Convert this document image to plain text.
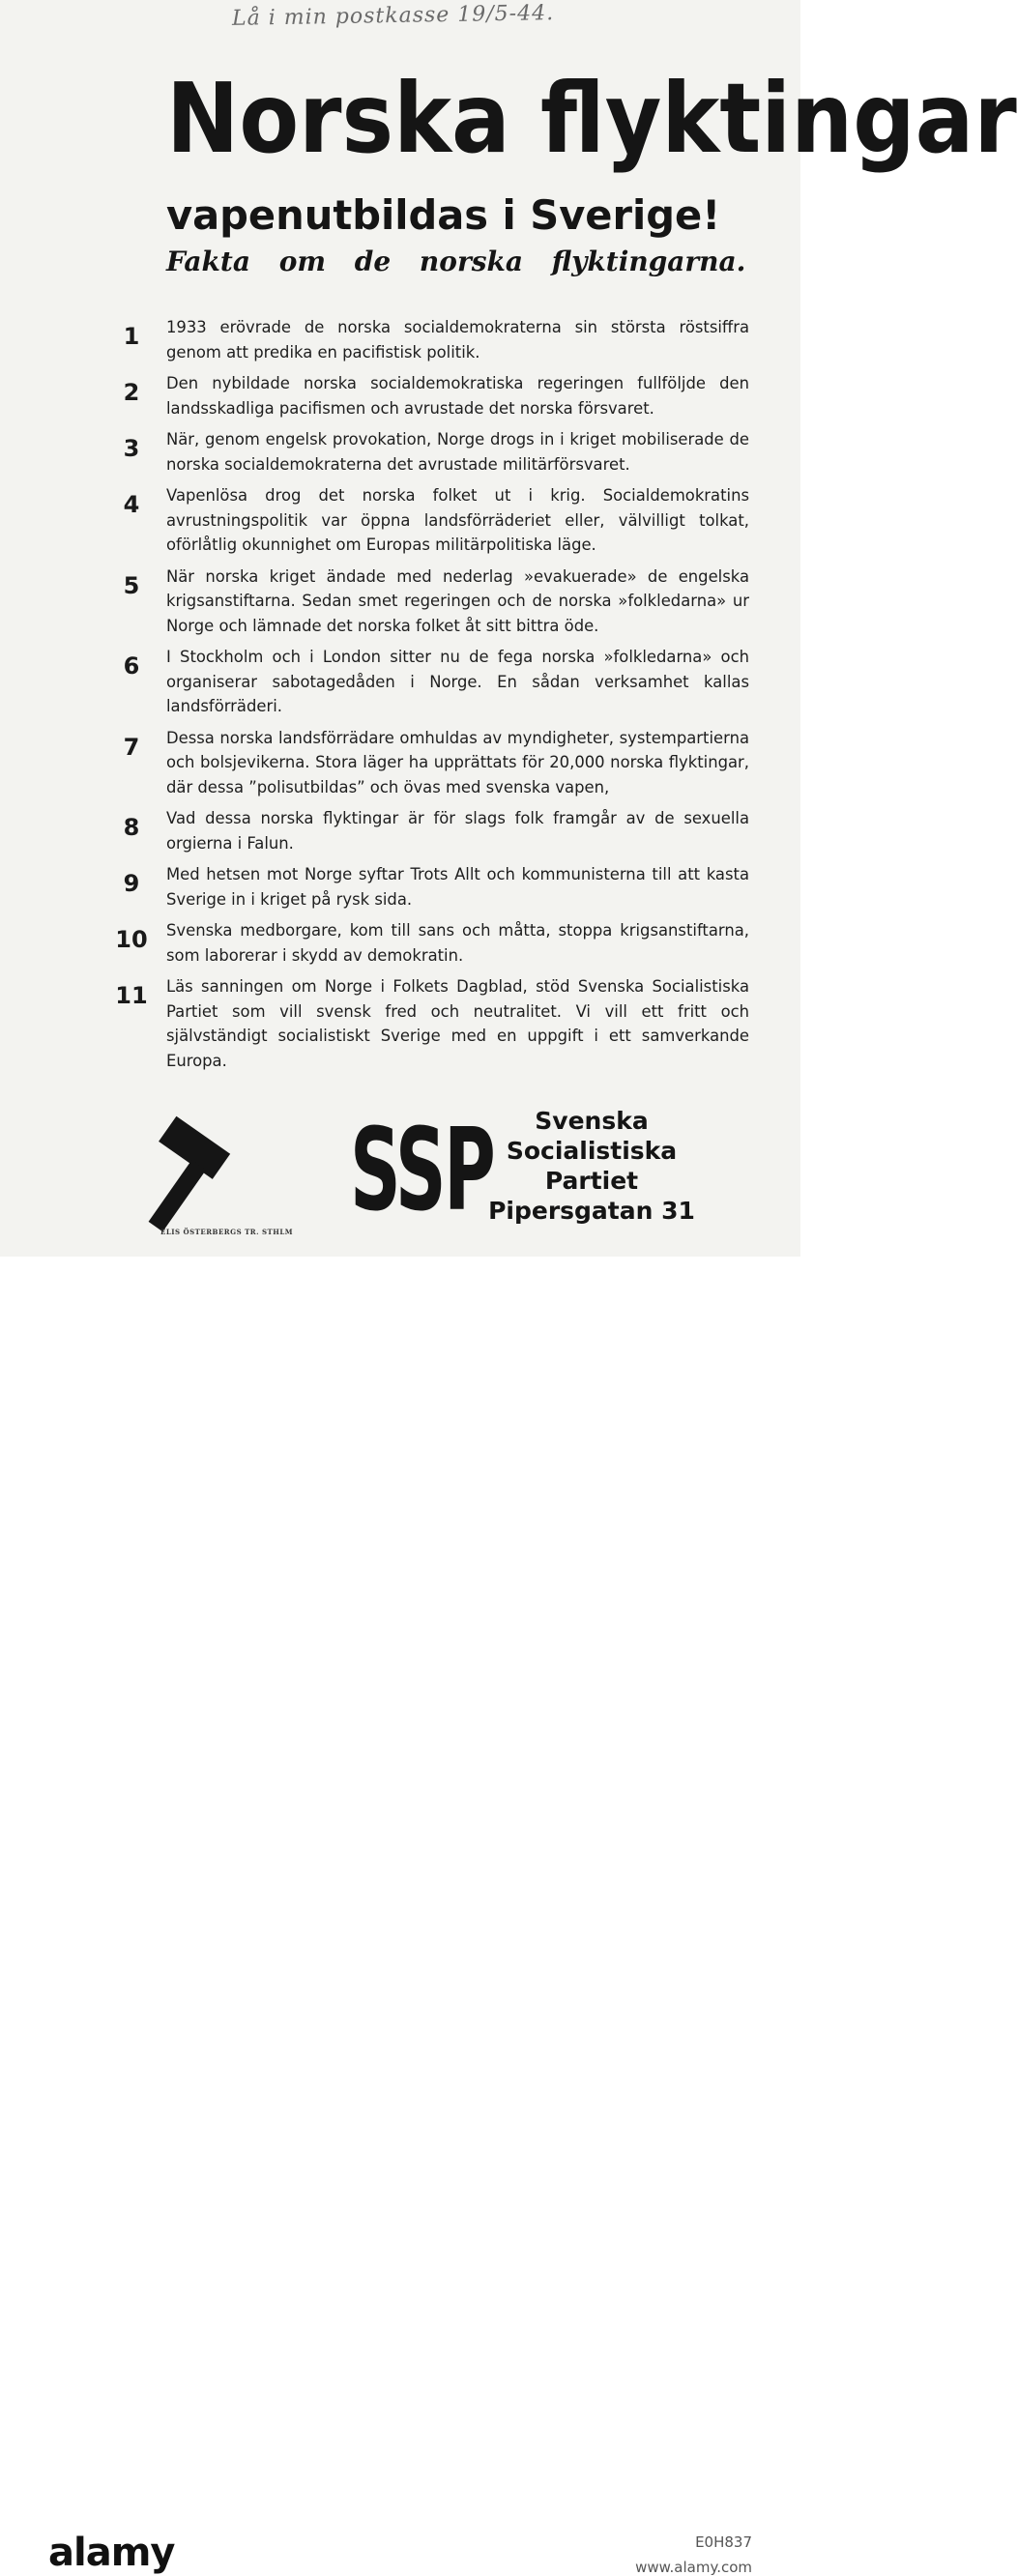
Lå i min postkasse 19/5-44.
Norska flyktingar
vapenutbildas i Sverige!
Fakta om de norska flyktingarna.
1	1933 erövrade de norska socialdemokraterna sin största röstsiffra genom att predika en pacifistisk politik.
2	Den nybildade norska socialdemokratiska regeringen fullföljde den landsskadliga pacifismen och avrustade det norska försvaret.
3	När, genom engelsk provokation, Norge drogs in i kriget mobiliserade de norska socialdemokraterna det avrustade militärförsvaret.
4	Vapenlösa drog det norska folket ut i krig. Socialdemokratins avrustningspolitik var öppna landsförräderiet eller, välvilligt tolkat, oförlåtlig okunnighet om Europas militärpolitiska läge.
5	När norska kriget ändade med nederlag »evakuerade» de engelska krigsanstiftarna. Sedan smet regeringen och de norska »folkledarna» ur Norge och lämnade det norska folket åt sitt bittra öde.
6	I Stockholm och i London sitter nu de fega norska »folkledarna» och organiserar sabotagedåden i Norge. En sådan verksamhet kallas landsförräderi.
7	Dessa norska landsförrädare omhuldas av myndigheter, systempartierna och bolsjevikerna. Stora läger ha upprättats för 20,000 norska flyktingar, där dessa ”polisutbildas” och övas med svenska vapen,
8	Vad dessa norska flyktingar är för slags folk framgår av de sexuella orgierna i Falun.
9	Med hetsen mot Norge syftar Trots Allt och kommunisterna till att kasta Sverige in i kriget på rysk sida.
10	Svenska medborgare, kom till sans och måtta, stoppa krigsanstiftarna, som laborerar i skydd av demokratin.
11	Läs sanningen om Norge i Folkets Dagblad, stöd Svenska Socialistiska Partiet som vill svensk fred och neutralitet. Vi vill ett fritt och självständigt socialistiskt Sverige med en uppgift i ett samverkande Europa.
ELIS ÖSTERBERGS TR. STHLM SSP	Svenska
Socialistiska
Partiet
Pipersgatan 31
alamy	E0H837
www.alamy.com
